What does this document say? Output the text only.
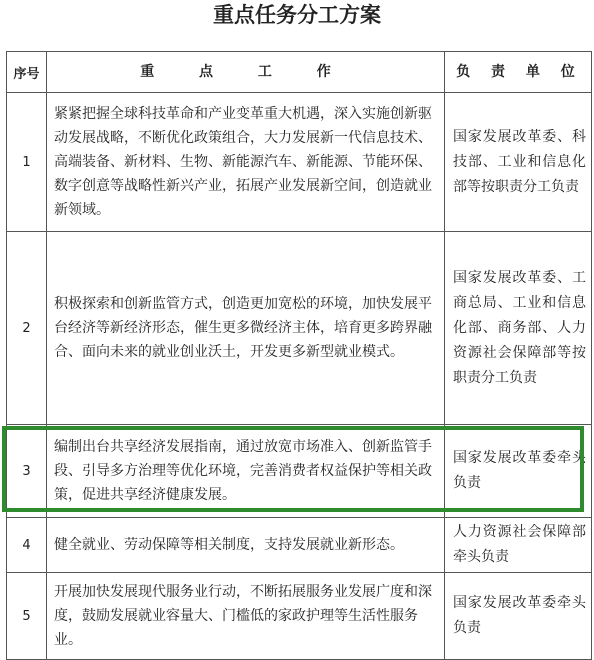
重点任务分工方案
序号	重 点 工 作	负 责 单 位
1	紧紧把握全球科技革命和产业变革重大机遇，深入实施创新驱动发展战略，不断优化政策组合，大力发展新一代信息技术、高端装备、新材料、生物、新能源汽车、新能源、节能环保、数字创意等战略性新兴产业，拓展产业发展新空间，创造就业新领域。	国家发展改革委、科技部、工业和信息化部等按职责分工负责
2	积极探索和创新监管方式，创造更加宽松的环境，加快发展平台经济等新经济形态，催生更多微经济主体，培育更多跨界融合、面向未来的就业创业沃土，开发更多新型就业模式。	国家发展改革委、工商总局、工业和信息化部、商务部、人力资源社会保障部等按职责分工负责
3	编制出台共享经济发展指南，通过放宽市场准入、创新监管手段、引导多方治理等优化环境，完善消费者权益保护等相关政策，促进共享经济健康发展。	国家发展改革委牵头负责
4	健全就业、劳动保障等相关制度，支持发展就业新形态。	人力资源社会保障部牵头负责
5	开展加快发展现代服务业行动，不断拓展服务业发展广度和深度，鼓励发展就业容量大、门槛低的家政护理等生活性服务业。	国家发展改革委牵头负责
